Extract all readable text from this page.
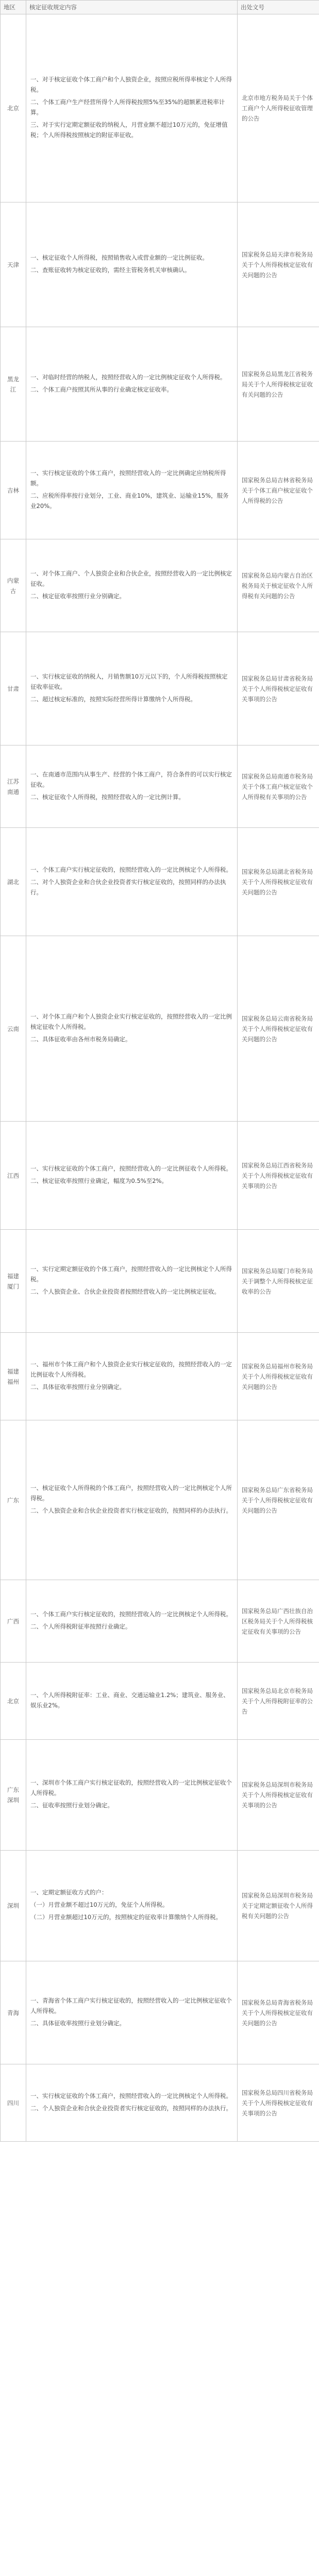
地区	核定征收规定内容	出处文号
北京	一、对于核定征收个体工商户和个人独资企业，按照应税所得率核定个人所得税。

二、个体工商户生产经营所得个人所得税按照5%至35%的超额累进税率计算。

三、对于实行定期定额征收的纳税人，月营业额不超过10万元的，免征增值税；个人所得税按照核定的附征率征收。	北京市地方税务局关于个体工商户个人所得税征收管理的公告
天津	一、核定征收个人所得税，按照销售收入或营业额的一定比例征收。

二、查账征收转为核定征收的，需经主管税务机关审核确认。	国家税务总局天津市税务局关于个人所得税核定征收有关问题的公告
黑龙江	一、对临时经营的纳税人，按照经营收入的一定比例核定征收个人所得税。

二、个体工商户按照其所从事的行业确定核定征收率。	国家税务总局黑龙江省税务局关于个人所得税核定征收有关问题的公告
吉林	一、实行核定征收的个体工商户，按照经营收入的一定比例确定应纳税所得额。

二、应税所得率按行业划分，工业、商业10%，建筑业、运输业15%，服务业20%。	国家税务总局吉林省税务局关于个体工商户核定征收个人所得税的公告
内蒙古	一、对个体工商户、个人独资企业和合伙企业，按照经营收入的一定比例核定征收。

二、核定征收率按照行业分别确定。	国家税务总局内蒙古自治区税务局关于核定征收个人所得税有关问题的公告
甘肃	一、实行核定征收的纳税人，月销售额10万元以下的，个人所得税按照核定征收率征收。

二、超过核定标准的，按照实际经营所得计算缴纳个人所得税。	国家税务总局甘肃省税务局关于个人所得税核定征收有关事项的公告
江苏南通	一、在南通市范围内从事生产、经营的个体工商户，符合条件的可以实行核定征收。

二、核定征收个人所得税，按照经营收入的一定比例计算。	国家税务总局南通市税务局关于个体工商户核定征收个人所得税有关事项的公告
湖北	一、个体工商户实行核定征收的，按照经营收入的一定比例核定个人所得税。

二、对个人独资企业和合伙企业投资者实行核定征收的，按照同样的办法执行。	国家税务总局湖北省税务局关于个人所得税核定征收有关问题的公告
云南	一、对个体工商户和个人独资企业实行核定征收的，按照经营收入的一定比例核定征收个人所得税。

二、具体征收率由各州市税务局确定。	国家税务总局云南省税务局关于个人所得税核定征收有关问题的公告
江西	一、实行核定征收的个体工商户，按照经营收入的一定比例征收个人所得税。

二、核定征收率按照行业确定，幅度为0.5%至2%。	国家税务总局江西省税务局关于个人所得税核定征收有关事项的公告
福建厦门	一、实行定期定额征收的个体工商户，按照经营收入的一定比例核定个人所得税。

二、个人独资企业、合伙企业投资者按照经营收入的一定比例核定征收。	国家税务总局厦门市税务局关于调整个人所得税核定征收率的公告
福建福州	一、福州市个体工商户和个人独资企业实行核定征收的，按照经营收入的一定比例征收个人所得税。

二、具体征收率按照行业分别确定。	国家税务总局福州市税务局关于个人所得税核定征收有关问题的公告
广东	一、核定征收个人所得税的个体工商户，按照经营收入的一定比例核定个人所得税。

二、个人独资企业和合伙企业投资者实行核定征收的，按照同样的办法执行。	国家税务总局广东省税务局关于个人所得税核定征收有关问题的公告
广西	一、个体工商户实行核定征收的，按照经营收入的一定比例核定个人所得税。

二、个人所得税附征率按照行业确定。	国家税务总局广西壮族自治区税务局关于个人所得税核定征收有关事项的公告
北京	一、个人所得税附征率：工业、商业、交通运输业1.2%；建筑业、服务业、娱乐业2%。	国家税务总局北京市税务局关于个人所得税附征率的公告
广东深圳	一、深圳市个体工商户实行核定征收的，按照经营收入的一定比例核定征收个人所得税。

二、征收率按照行业划分确定。	国家税务总局深圳市税务局关于个人所得税核定征收有关事项的公告
深圳	一、定期定额征收方式的户：

（一）月营业额不超过10万元的，免征个人所得税。

（二）月营业额超过10万元的，按照核定的征收率计算缴纳个人所得税。	国家税务总局深圳市税务局关于定期定额征收个人所得税有关问题的公告
青海	一、青海省个体工商户实行核定征收的，按照经营收入的一定比例核定征收个人所得税。

二、具体征收率按照行业划分确定。	国家税务总局青海省税务局关于个人所得税核定征收有关问题的公告
四川	一、实行核定征收的个体工商户，按照经营收入的一定比例核定个人所得税。

二、个人独资企业和合伙企业投资者实行核定征收的，按照同样的办法执行。	国家税务总局四川省税务局关于个人所得税核定征收有关事项的公告
